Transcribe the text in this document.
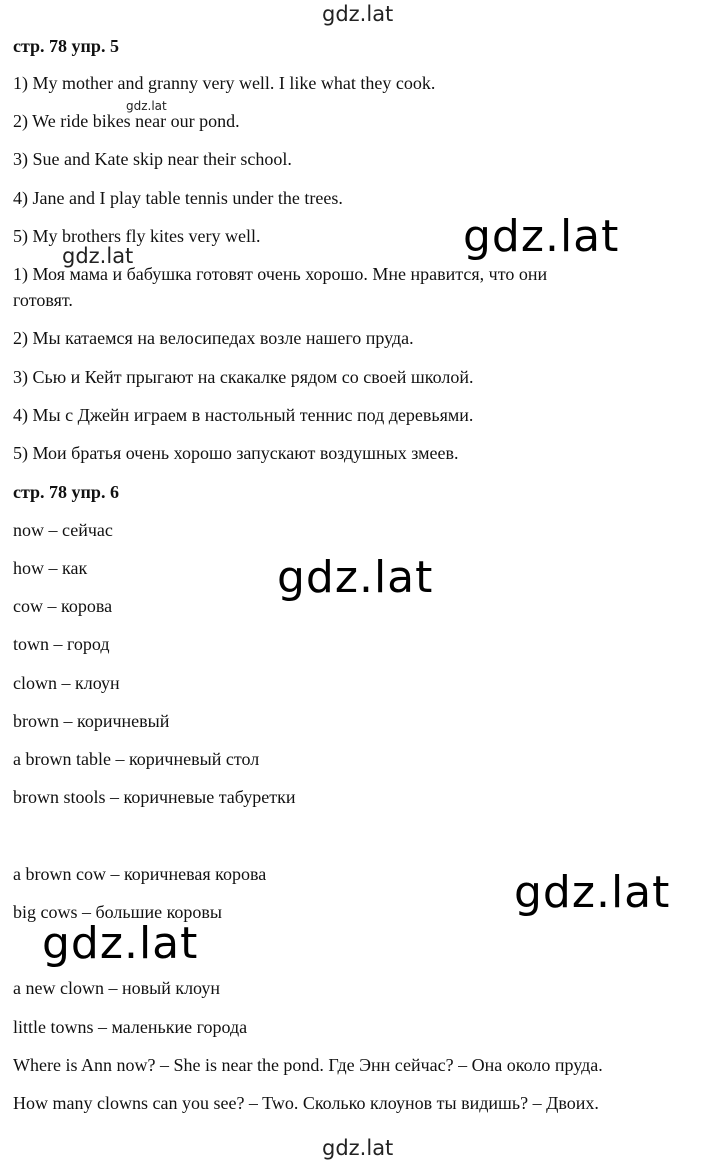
gdz.lat
gdz.lat
gdz.lat	gdz.lat
gdz.lat
gdz.lat
gdz.lat
gdz.lat
стр. 78 упр. 5
1) My mother and granny very well. I like what they cook.
2) We ride bikes near our pond.
3) Sue and Kate skip near their school.
4) Jane and I play table tennis under the trees.
5) My brothers fly kites very well.
1) Моя мама и бабушка готовят очень хорошо. Мне нравится, что они
готовят.
2) Мы катаемся на велосипедах возле нашего пруда.
3) Сью и Кейт прыгают на скакалке рядом со своей школой.
4) Мы с Джейн играем в настольный теннис под деревьями.
5) Мои братья очень хорошо запускают воздушных змеев.
стр. 78 упр. 6
now – сейчас
how – как
cow – корова
town – город
clown – клоун
brown – коричневый
a brown table – коричневый стол
brown stools – коричневые табуретки
a brown cow – коричневая корова
big cows – большие коровы
a new clown – новый клоун
little towns – маленькие города
Where is Ann now? – She is near the pond. Где Энн сейчас? – Она около пруда.
How many clowns can you see? – Two. Сколько клоунов ты видишь? – Двоих.
